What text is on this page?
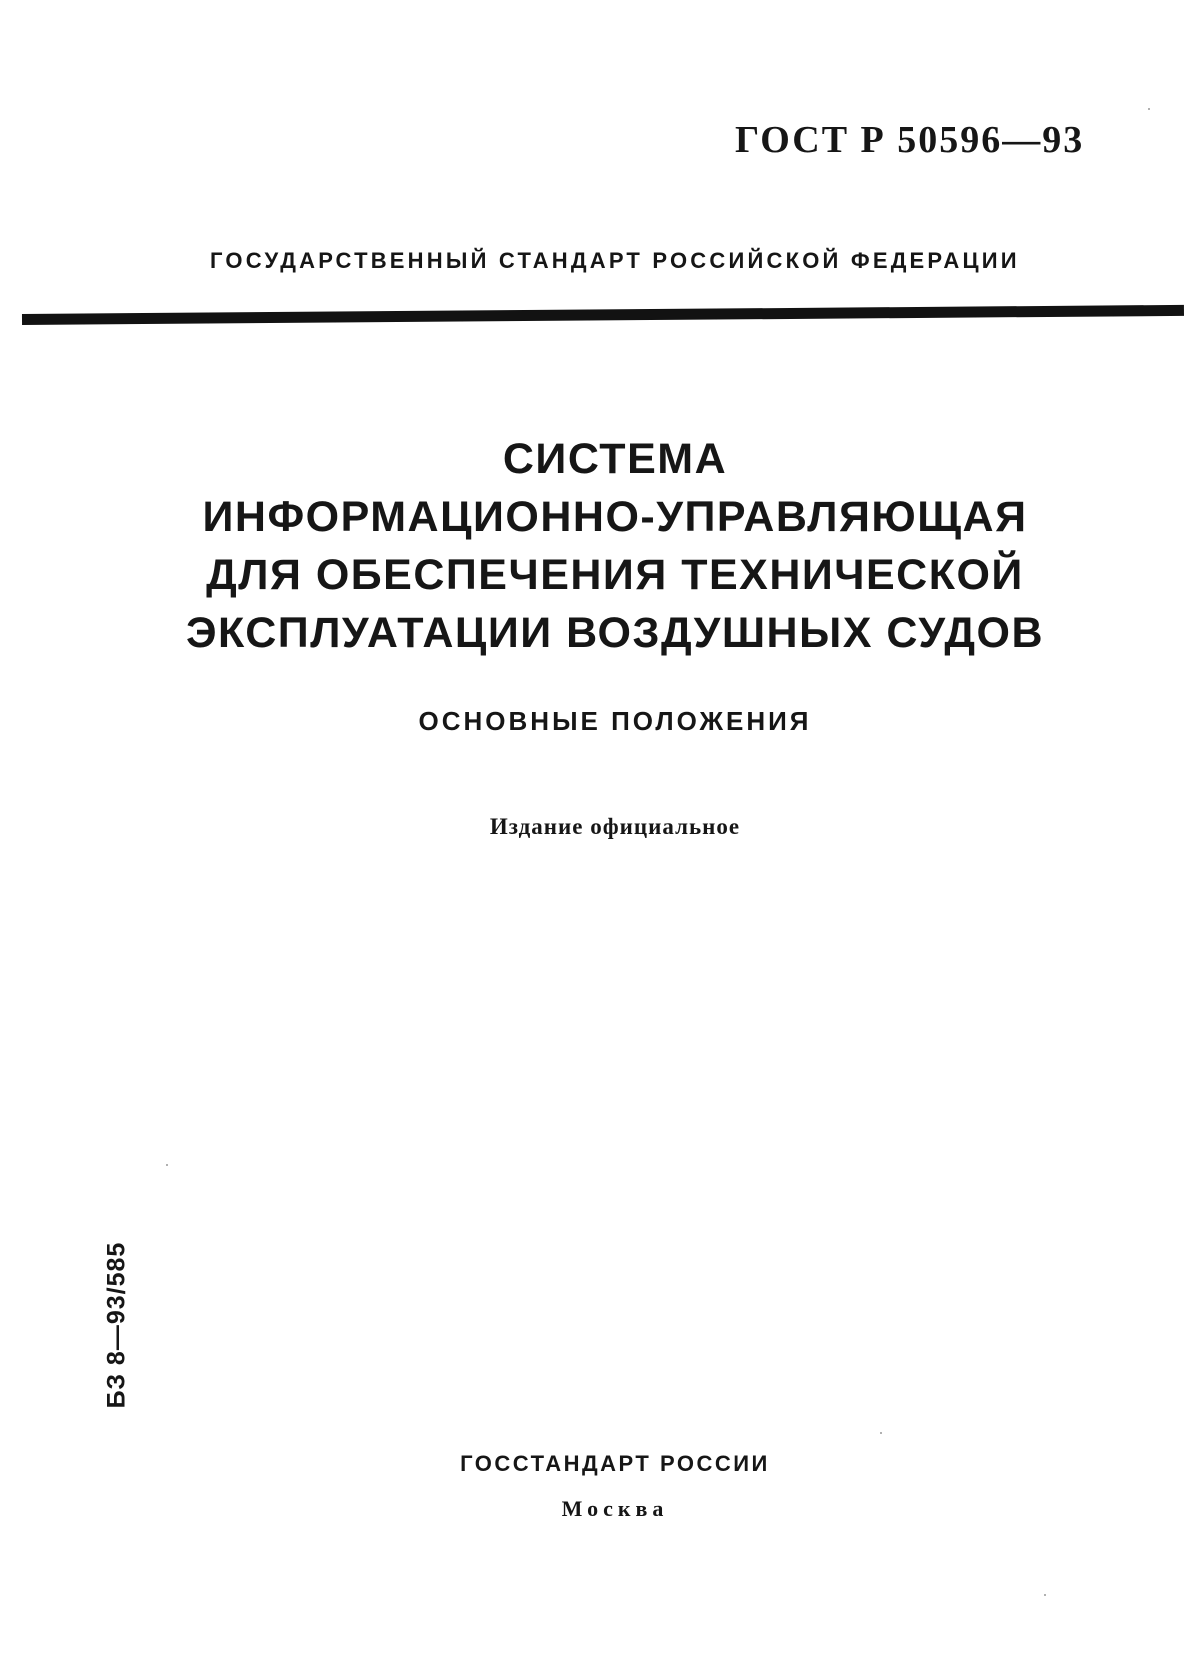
ГОСТ Р 50596—93
ГОСУДАРСТВЕННЫЙ СТАНДАРТ РОССИЙСКОЙ ФЕДЕРАЦИИ
СИСТЕМА
ИНФОРМАЦИОННО-УПРАВЛЯЮЩАЯ
ДЛЯ ОБЕСПЕЧЕНИЯ ТЕХНИЧЕСКОЙ
ЭКСПЛУАТАЦИИ ВОЗДУШНЫХ СУДОВ
ОСНОВНЫЕ ПОЛОЖЕНИЯ
Издание официальное
БЗ 8—93/585
ГОССТАНДАРТ РОССИИ
Москва
